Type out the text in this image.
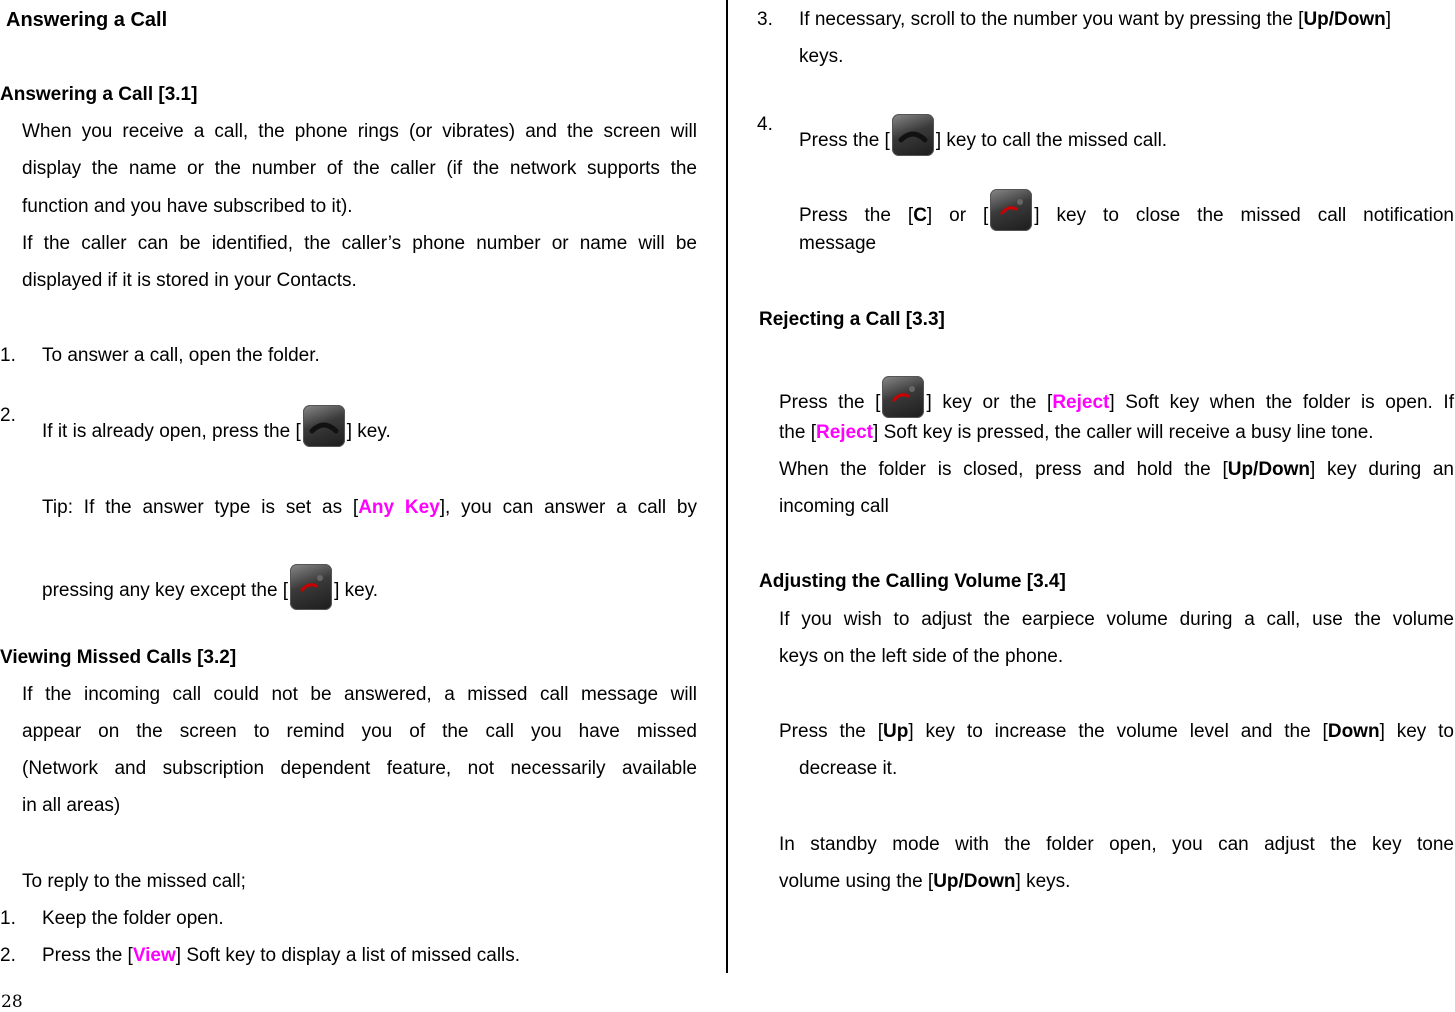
Answering a Call
Answering a Call [3.1]
When you receive a call, the phone rings (or vibrates) and the screen will
display the name or the number of the caller (if the network supports the
function and you have subscribed to it).
If the caller can be identified, the caller’s phone number or name will be
displayed if it is stored in your Contacts.
1.	To answer a call, open the folder.
2.
If it is already open, press the [ ] key.
Tip: If the answer type is set as [Any Key], you can answer a call by
pressing any key except the [ ] key.
Viewing Missed Calls [3.2]
If the incoming call could not be answered, a missed call message will
appear on the screen to remind you of the call you have missed
(Network and subscription dependent feature, not necessarily available
in all areas)
To reply to the missed call;
1.	Keep the folder open.
2.	Press the [View] Soft key to display a list of missed calls.
3.	If necessary, scroll to the number you want by pressing the [Up/Down]
keys.
4.
Press the [ ] key to call the missed call.
Press the [C] or [ ] key to close the missed call notification
message
Rejecting a Call [3.3]
Press the [ ] key or the [Reject] Soft key when the folder is open. If
the [Reject] Soft key is pressed, the caller will receive a busy line tone.
When the folder is closed, press and hold the [Up/Down] key during an
incoming call
Adjusting the Calling Volume [3.4]
If you wish to adjust the earpiece volume during a call, use the volume
keys on the left side of the phone.
Press the [Up] key to increase the volume level and the [Down] key to
decrease it.
In standby mode with the folder open, you can adjust the key tone
volume using the [Up/Down] keys.
28
